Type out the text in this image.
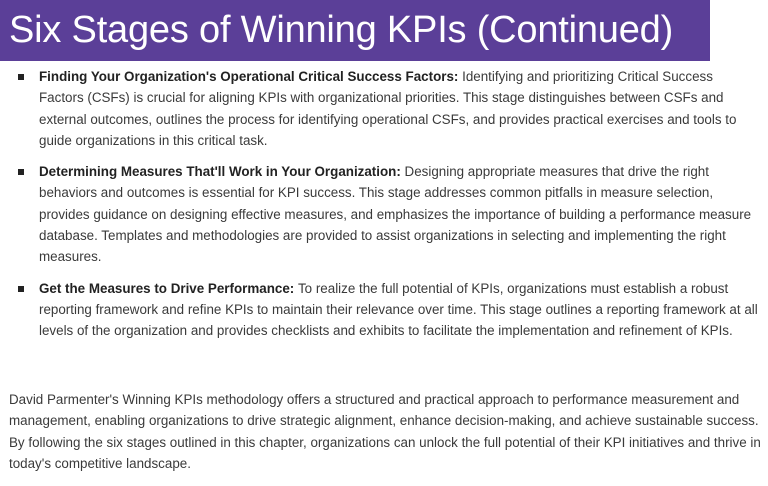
Six Stages of Winning KPIs (Continued)
Finding Your Organization's Operational Critical Success Factors: Identifying and prioritizing Critical Success Factors (CSFs) is crucial for aligning KPIs with organizational priorities. This stage distinguishes between CSFs and external outcomes, outlines the process for identifying operational CSFs, and provides practical exercises and tools to guide organizations in this critical task.
Determining Measures That'll Work in Your Organization: Designing appropriate measures that drive the right behaviors and outcomes is essential for KPI success. This stage addresses common pitfalls in measure selection, provides guidance on designing effective measures, and emphasizes the importance of building a performance measure database. Templates and methodologies are provided to assist organizations in selecting and implementing the right measures.
Get the Measures to Drive Performance: To realize the full potential of KPIs, organizations must establish a robust reporting framework and refine KPIs to maintain their relevance over time. This stage outlines a reporting framework at all levels of the organization and provides checklists and exhibits to facilitate the implementation and refinement of KPIs.

David Parmenter's Winning KPIs methodology offers a structured and practical approach to performance measurement and management, enabling organizations to drive strategic alignment, enhance decision-making, and achieve sustainable success. By following the six stages outlined in this chapter, organizations can unlock the full potential of their KPI initiatives and thrive in today's competitive landscape.
